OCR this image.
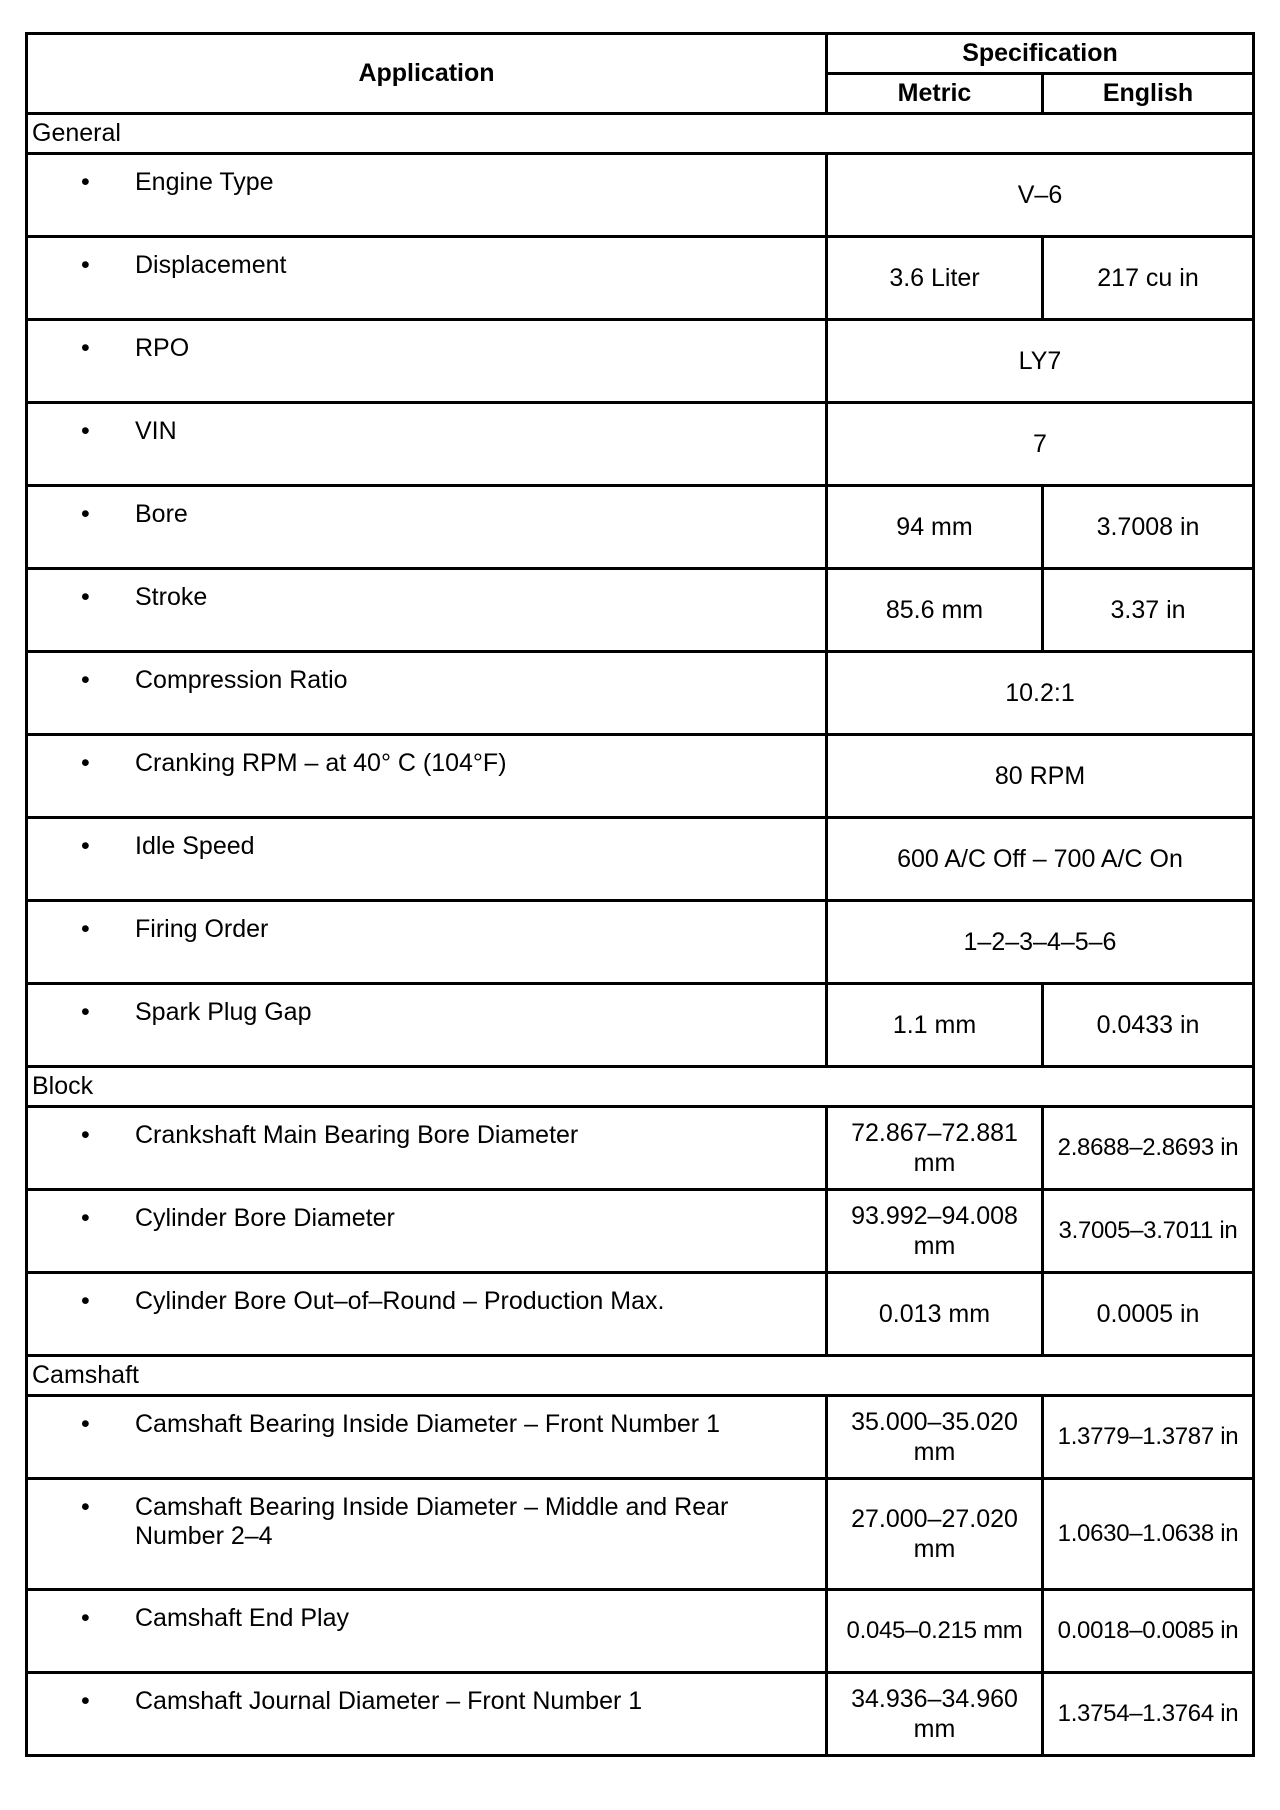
Application	Specification	
	Metric	English
General		

• Engine Type	V–6	

• Displacement	3.6 Liter	217 cu in

• RPO	LY7	

• VIN	7	

• Bore	94 mm	3.7008 in

• Stroke	85.6 mm	3.37 in

• Compression Ratio	10.2:1	

• Cranking RPM – at 40° C (104°F)	80 RPM	

• Idle Speed	600 A/C Off – 700 A/C On	

• Firing Order	1–2–3–4–5–6	

• Spark Plug Gap	1.1 mm	0.0433 in
Block		

• Crankshaft Main Bearing Bore Diameter	72.867–72.881 mm	2.8688–2.8693 in

• Cylinder Bore Diameter	93.992–94.008 mm	3.7005–3.7011 in

• Cylinder Bore Out–of–Round – Production Max.	0.013 mm	0.0005 in
Camshaft		

• Camshaft Bearing Inside Diameter – Front Number 1	35.000–35.020 mm	1.3779–1.3787 in

• Camshaft Bearing Inside Diameter – Middle and Rear Number 2–4	27.000–27.020 mm	1.0630–1.0638 in

• Camshaft End Play	0.045–0.215 mm	0.0018–0.0085 in

• Camshaft Journal Diameter – Front Number 1	34.936–34.960 mm	1.3754–1.3764 in
